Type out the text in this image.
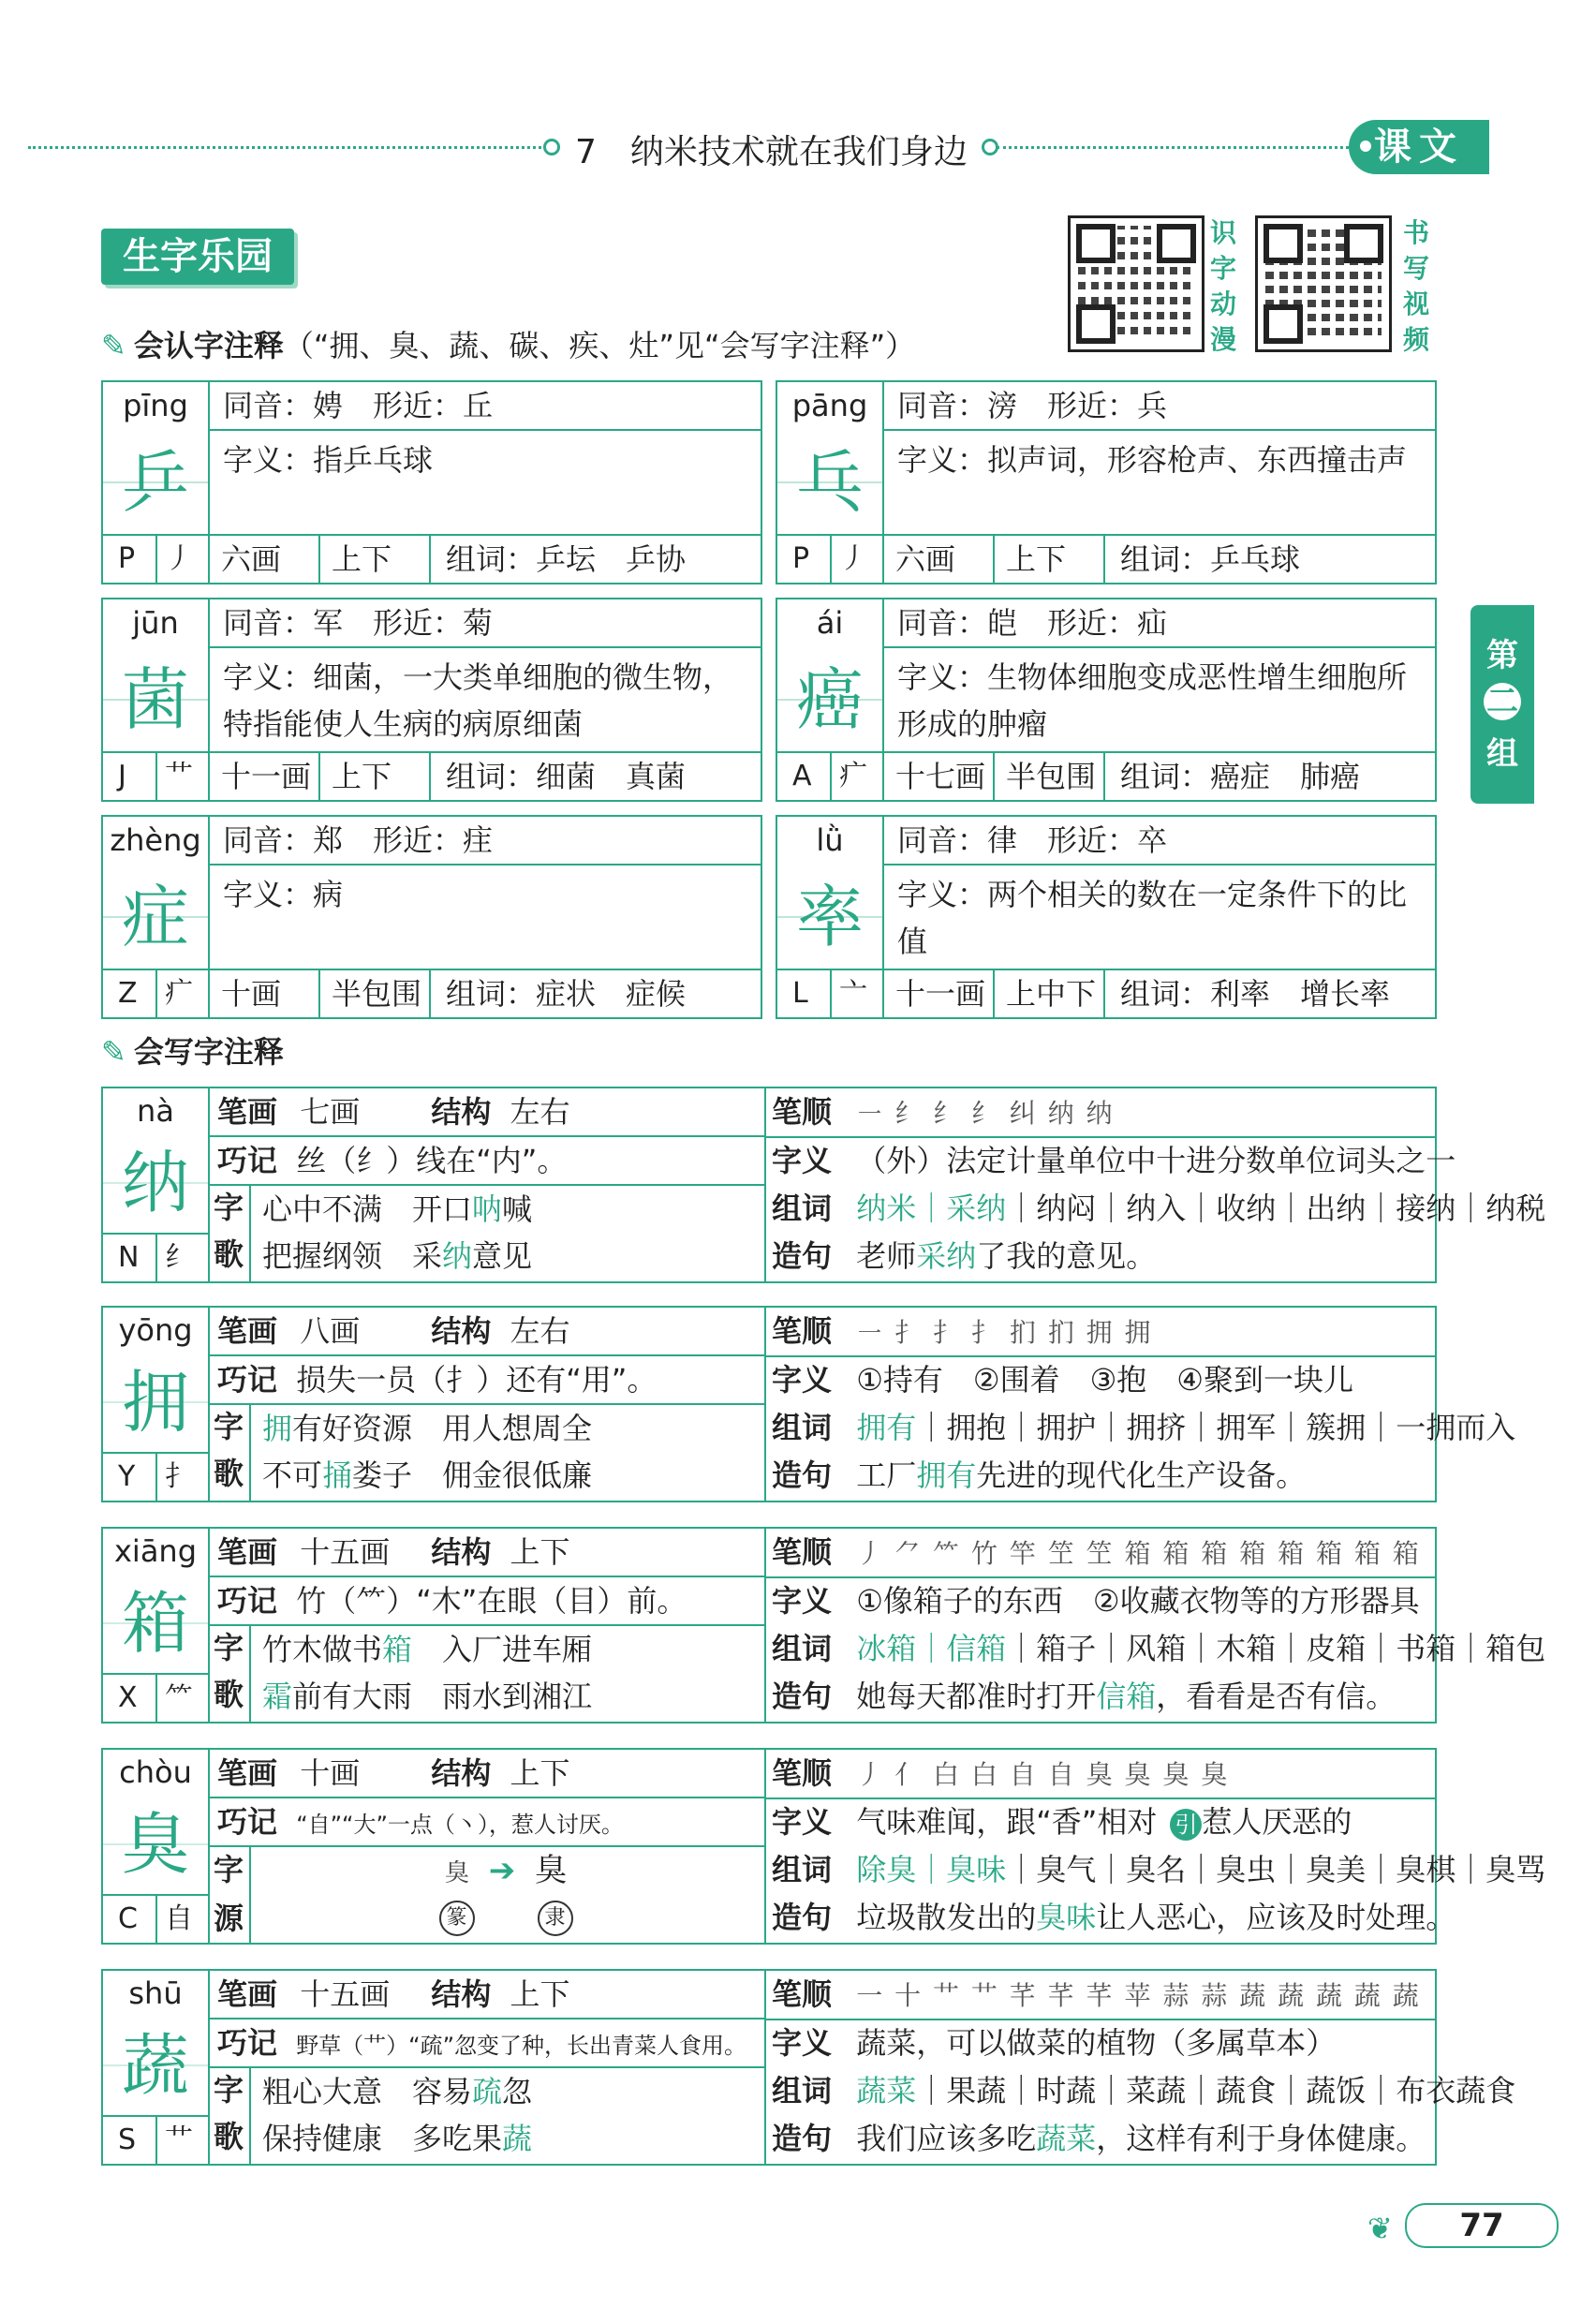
7　纳米技术就在我们身边	课文
生字乐园
识
字
动
漫
书
写
视
频
✎ 会认字注释（“拥、臭、蔬、碳、疾、灶”见“会写字注释”）
pīng
乒
P 丿
同音：娉　形近：丘
字义：指乒乓球
六画 上下 组词：乒坛　乒协
pāng
乓
P 丿
同音：滂　形近：兵
字义：拟声词，形容枪声、东西撞击声
六画 上下 组词：乒乓球
jūn
菌
J 艹
同音：军　形近：菊
字义：细菌，一大类单细胞的微生物，特指能使人生病的病原细菌
十一画 上下 组词：细菌　真菌
ái
癌
A 疒
同音：皑　形近：疝
字义：生物体细胞变成恶性增生细胞所形成的肿瘤
十七画 半包围 组词：癌症　肺癌
zhèng
症
Z 疒
同音：郑　形近：疰
字义：病
十画 半包围 组词：症状　症候
lǜ
率
L 亠
同音：律　形近：卒
字义：两个相关的数在一定条件下的比值
十一画 上中下 组词：利率　增长率
第
二
组
✎ 会写字注释
nà
纳
N 纟
笔画 七画 结构 左右
巧记 丝（纟）线在“内”。
字歌
心中不满　开口呐喊
把握纲领　采纳意见
笔顺 ㇐ 纟 纟 纟 纠 纳 纳
字义 （外）法定计量单位中十进分数单位词头之一
组词 纳米｜采纳｜纳闷｜纳入｜收纳｜出纳｜接纳｜纳税
造句 老师采纳了我的意见。
yōng
拥
Y 扌
笔画 八画 结构 左右
巧记 损失一员（扌）还有“用”。
字歌
拥有好资源　用人想周全
不可捅娄子　佣金很低廉
笔顺 ㇐ 扌 扌 扌 扪 扪 拥 拥
字义 ①持有　②围着　③抱　④聚到一块儿
组词 拥有｜拥抱｜拥护｜拥挤｜拥军｜簇拥｜一拥而入
造句 工厂拥有先进的现代化生产设备。
xiāng
箱
X ⺮
笔画 十五画 结构 上下
巧记 竹（⺮）“木”在眼（目）前。
字歌
竹木做书箱　入厂进车厢
霜前有大雨　雨水到湘江
笔顺 丿 ⺈ ⺮ 竹 竿 笁 笁 箱 箱 箱 箱 箱 箱 箱 箱
字义 ①像箱子的东西　②收藏衣物等的方形器具
组词 冰箱｜信箱｜箱子｜风箱｜木箱｜皮箱｜书箱｜箱包
造句 她每天都准时打开信箱，看看是否有信。
chòu
臭
C 自
笔画 十画 结构 上下
巧记 “自”“大”一点（丶），惹人讨厌。
字源
臭 ➔ 臭
篆	隶
笔顺 丿 亻 白 白 自 自 臭 臭 臭 臭
字义 气味难闻，跟“香”相对 引 惹人厌恶的
组词 除臭｜臭味｜臭气｜臭名｜臭虫｜臭美｜臭棋｜臭骂
造句 垃圾散发出的臭味让人恶心，应该及时处理。
shū
蔬
S 艹
笔画 十五画 结构 上下
巧记 野草（艹）“疏”忽变了种，长出青菜人食用。
字歌
粗心大意　容易疏忽
保持健康　多吃果蔬
笔顺 一 十 艹 艹 芊 芊 芊 苹 蒜 蒜 蔬 蔬 蔬 蔬 蔬
字义 蔬菜，可以做菜的植物（多属草本）
组词 蔬菜｜果蔬｜时蔬｜菜蔬｜蔬食｜蔬饭｜布衣蔬食
造句 我们应该多吃蔬菜，这样有利于身体健康。
❦	77
